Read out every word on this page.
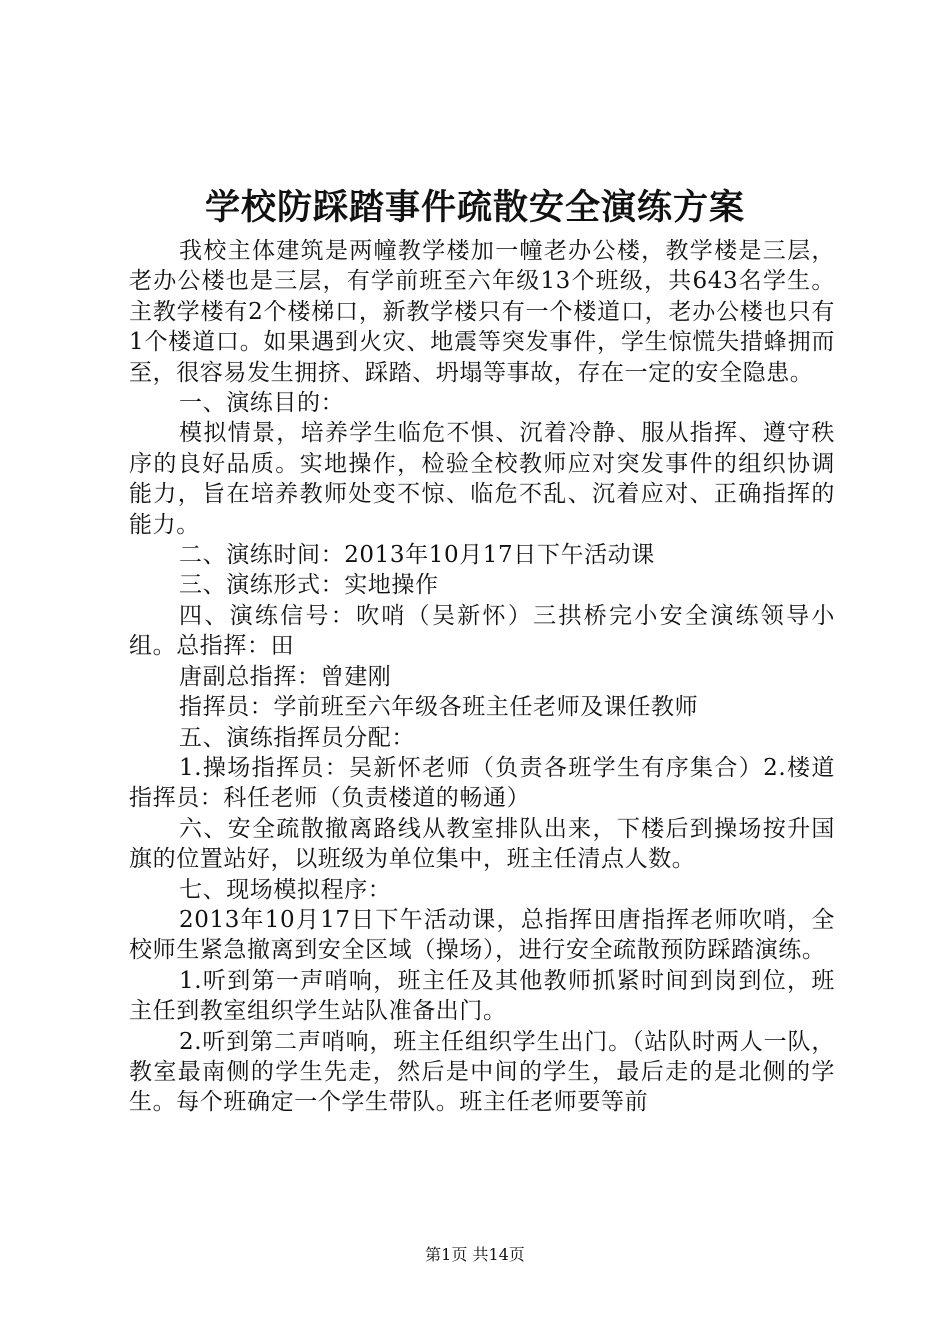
学校防踩踏事件疏散安全演练方案

我校主体建筑是两幢教学楼加一幢老办公楼，教学楼是三层，老办公楼也是三层，有学前班至六年级13个班级，共643名学生。主教学楼有2个楼梯口，新教学楼只有一个楼道口，老办公楼也只有1个楼道口。如果遇到火灾、地震等突发事件，学生惊慌失措蜂拥而至，很容易发生拥挤、踩踏、坍塌等事故，存在一定的安全隐患。

一、演练目的：

模拟情景，培养学生临危不惧、沉着冷静、服从指挥、遵守秩序的良好品质。实地操作，检验全校教师应对突发事件的组织协调能力，旨在培养教师处变不惊、临危不乱、沉着应对、正确指挥的能力。

二、演练时间：2013年10月17日下午活动课

三、演练形式：实地操作

四、演练信号：吹哨（吴新怀）三拱桥完小安全演练领导小组。总指挥：田

唐副总指挥：曾建刚

指挥员：学前班至六年级各班主任老师及课任教师

五、演练指挥员分配：

1.操场指挥员：吴新怀老师（负责各班学生有序集合）2.楼道指挥员：科任老师（负责楼道的畅通）

六、安全疏散撤离路线从教室排队出来，下楼后到操场按升国旗的位置站好，以班级为单位集中，班主任清点人数。

七、现场模拟程序：

2013年10月17日下午活动课，总指挥田唐指挥老师吹哨，全校师生紧急撤离到安全区域（操场），进行安全疏散预防踩踏演练。

1.听到第一声哨响，班主任及其他教师抓紧时间到岗到位，班主任到教室组织学生站队准备出门。

2.听到第二声哨响，班主任组织学生出门。（站队时两人一队，教室最南侧的学生先走，然后是中间的学生，最后走的是北侧的学生。每个班确定一个学生带队。班主任老师要等前

第1页 共14页
